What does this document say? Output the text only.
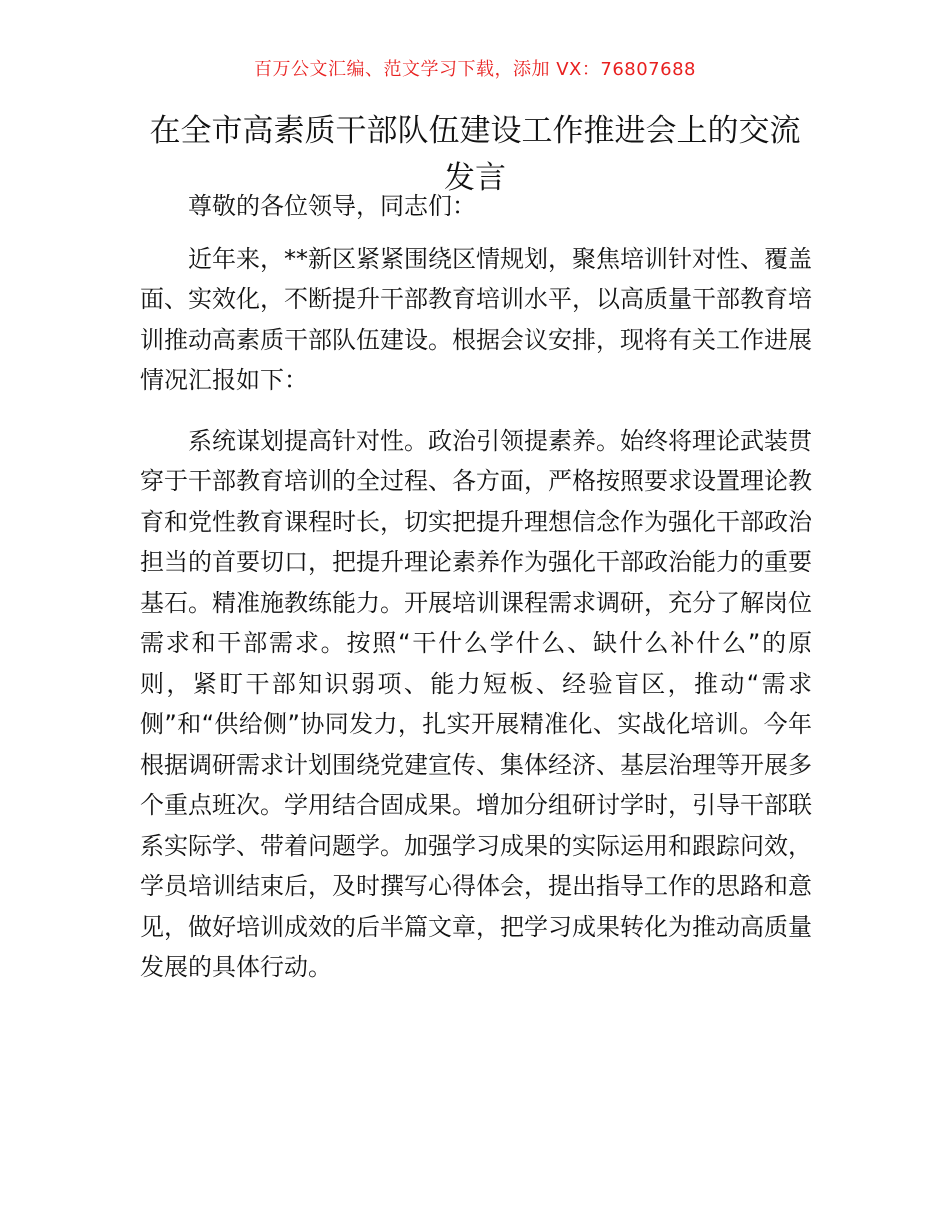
百万公文汇编、范文学习下载，添加 VX：76807688
在全市高素质干部队伍建设工作推进会上的交流发言

尊敬的各位领导，同志们：

近年来，**新区紧紧围绕区情规划，聚焦培训针对性、覆盖面、实效化，不断提升干部教育培训水平，以高质量干部教育培训推动高素质干部队伍建设。根据会议安排，现将有关工作进展情况汇报如下：

系统谋划提高针对性。政治引领提素养。始终将理论武装贯穿于干部教育培训的全过程、各方面，严格按照要求设置理论教育和党性教育课程时长，切实把提升理想信念作为强化干部政治担当的首要切口，把提升理论素养作为强化干部政治能力的重要基石。精准施教练能力。开展培训课程需求调研，充分了解岗位需求和干部需求。按照“干什么学什么、缺什么补什么”的原则，紧盯干部知识弱项、能力短板、经验盲区，推动“需求侧”和“供给侧”协同发力，扎实开展精准化、实战化培训。今年根据调研需求计划围绕党建宣传、集体经济、基层治理等开展多个重点班次。学用结合固成果。增加分组研讨学时，引导干部联系实际学、带着问题学。加强学习成果的实际运用和跟踪问效，学员培训结束后，及时撰写心得体会，提出指导工作的思路和意见，做好培训成效的后半篇文章，把学习成果转化为推动高质量发展的具体行动。
